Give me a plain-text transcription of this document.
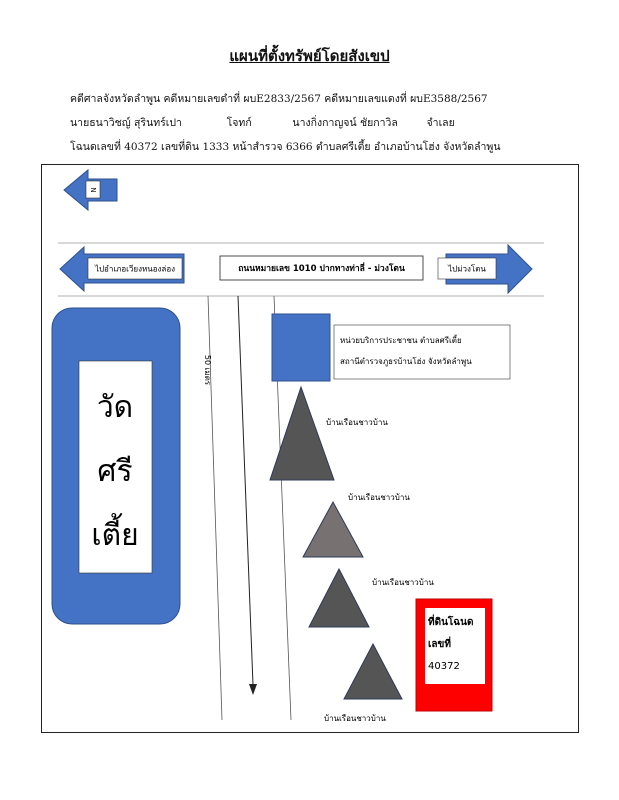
แผนที่ตั้งทรัพย์โดยสังเขป
คดีศาลจังหวัดลำพูน คดีหมายเลขดำที่ ผบE2833/2567 คดีหมายเลขแดงที่ ผบE3588/2567
นายธนาวิชญ์ สุรินทร์เปา	โจทก์	นางกิ่งกาญจน์ ชัยกาวิล	จำเลย
โฉนดเลขที่ 40372 เลขที่ดิน 1333 หน้าสำรวจ 6366 ตำบลศรีเตี้ย อำเภอบ้านโฮ่ง จังหวัดลำพูน
N
50 เมตร
ไปอำเภอเวียงหนองล่อง	ไปม่วงโตน
ถนนหมายเลข 1010 ปากทางท่าลี่ - ม่วงโตน
วัด
ศรี
เตี้ย
หน่วยบริการประชาชน ตำบลศรีเตี้ย
สถานีตำรวจภูธรบ้านโฮ่ง จังหวัดลำพูน
บ้านเรือนชาวบ้าน
บ้านเรือนชาวบ้าน
บ้านเรือนชาวบ้าน
บ้านเรือนชาวบ้าน
ที่ดินโฉนด
เลขที่
40372
